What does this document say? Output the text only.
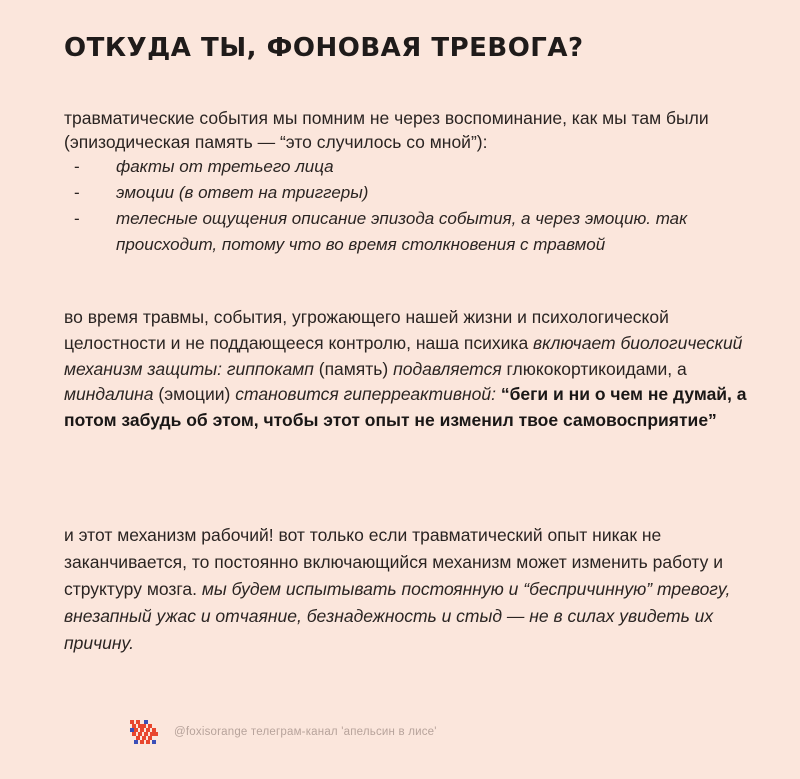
ОТКУДА ТЫ, ФОНОВАЯ ТРЕВОГА?

травматические события мы помним не через воспоминание, как мы там были (эпизодическая память — “это случилось со мной”):

- факты от третьего лица
- эмоции (в ответ на триггеры)
- телесные ощущения описание эпизода события, а через эмоцию. так происходит, потому что во время столкновения с травмой

во время травмы, события, угрожающего нашей жизни и психологической целостности и не поддающееся контролю, наша психика включает биологический механизм защиты: гиппокамп (память) подавляется глюкокортикоидами, а миндалина (эмоции) становится гиперреактивной: “беги и ни о чем не думай, а потом забудь об этом, чтобы этот опыт не изменил твое самовосприятие”

и этот механизм рабочий! вот только если травматический опыт никак не заканчивается, то постоянно включающийся механизм может изменить работу и структуру мозга. мы будем испытывать постоянную и “беспричинную” тревогу, внезапный ужас и отчаяние, безнадежность и стыд — не в силах увидеть их причину.

@foxisorange телеграм-канал 'апельсин в лисе'
